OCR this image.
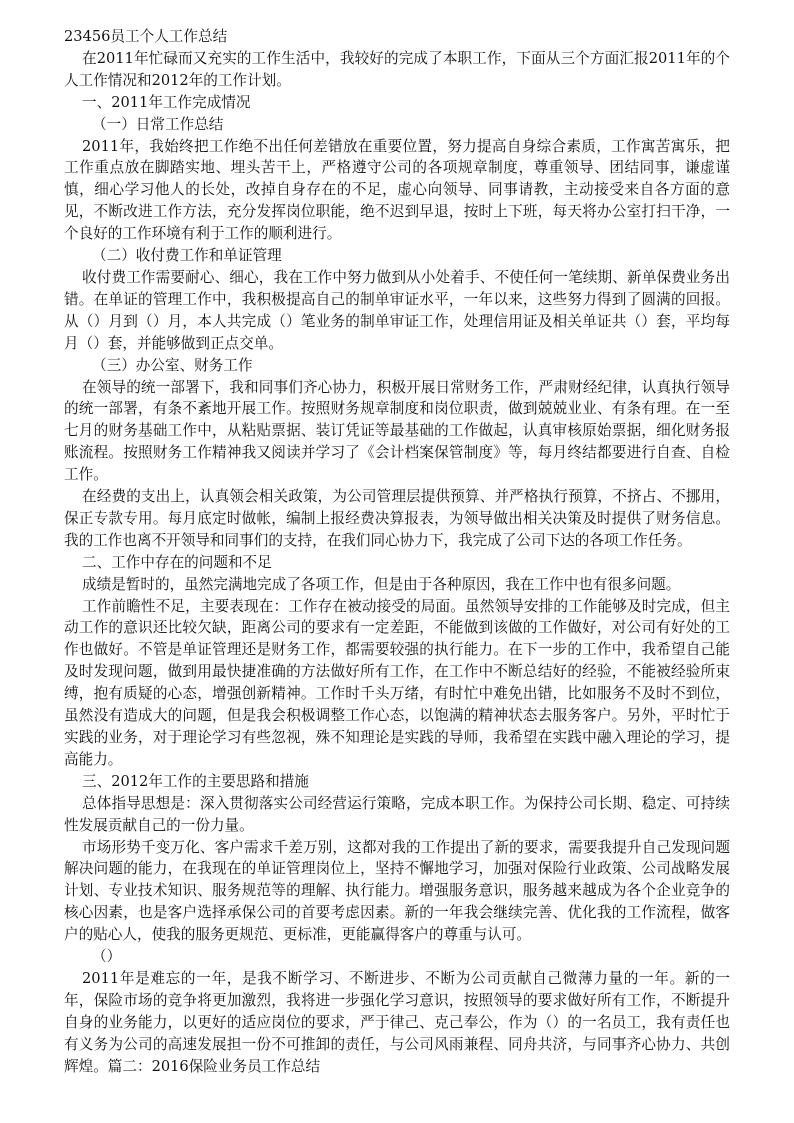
23456员工个人工作总结

在2011年忙碌而又充实的工作生活中，我较好的完成了本职工作，下面从三个方面汇报2011年的个人工作情况和2012年的工作计划。

一、2011年工作完成情况

（一）日常工作总结

2011年，我始终把工作绝不出任何差错放在重要位置，努力提高自身综合素质，工作寓苦寓乐，把工作重点放在脚踏实地、埋头苦干上，严格遵守公司的各项规章制度，尊重领导、团结同事，谦虚谨慎，细心学习他人的长处，改掉自身存在的不足，虚心向领导、同事请教，主动接受来自各方面的意见，不断改进工作方法，充分发挥岗位职能，绝不迟到早退，按时上下班，每天将办公室打扫干净，一个良好的工作环境有利于工作的顺利进行。

（二）收付费工作和单证管理

收付费工作需要耐心、细心，我在工作中努力做到从小处着手、不使任何一笔续期、新单保费业务出错。在单证的管理工作中，我积极提高自己的制单审证水平，一年以来，这些努力得到了圆满的回报。从（）月到（）月，本人共完成（）笔业务的制单审证工作，处理信用证及相关单证共（）套，平均每月（）套，并能够做到正点交单。

（三）办公室、财务工作

在领导的统一部署下，我和同事们齐心协力，积极开展日常财务工作，严肃财经纪律，认真执行领导的统一部署，有条不紊地开展工作。按照财务规章制度和岗位职责，做到兢兢业业、有条有理。在一至七月的财务基础工作中，从粘贴票据、装订凭证等最基础的工作做起，认真审核原始票据，细化财务报账流程。按照财务工作精神我又阅读并学习了《会计档案保管制度》等，每月终结都要进行自查、自检工作。

在经费的支出上，认真领会相关政策，为公司管理层提供预算、并严格执行预算，不挤占、不挪用，保正专款专用。每月底定时做帐，编制上报经费决算报表，为领导做出相关决策及时提供了财务信息。 我的工作也离不开领导和同事们的支持，在我们同心协力下，我完成了公司下达的各项工作任务。

二、工作中存在的问题和不足

成绩是暂时的，虽然完满地完成了各项工作，但是由于各种原因，我在工作中也有很多问题。

工作前瞻性不足，主要表现在：工作存在被动接受的局面。虽然领导安排的工作能够及时完成，但主动工作的意识还比较欠缺，距离公司的要求有一定差距，不能做到该做的工作做好，对公司有好处的工作也做好。不管是单证管理还是财务工作，都需要较强的执行能力。在下一步的工作中，我希望自己能及时发现问题，做到用最快捷准确的方法做好所有工作，在工作中不断总结好的经验，不能被经验所束缚，抱有质疑的心态，增强创新精神。工作时千头万绪，有时忙中难免出错，比如服务不及时不到位，虽然没有造成大的问题，但是我会积极调整工作心态，以饱满的精神状态去服务客户。另外，平时忙于实践的业务，对于理论学习有些忽视，殊不知理论是实践的导师，我希望在实践中融入理论的学习，提高能力。

三、2012年工作的主要思路和措施

总体指导思想是：深入贯彻落实公司经营运行策略，完成本职工作。为保持公司长期、稳定、可持续性发展贡献自己的一份力量。

市场形势千变万化、客户需求千差万别，这都对我的工作提出了新的要求，需要我提升自己发现问题解决问题的能力，在我现在的单证管理岗位上，坚持不懈地学习，加强对保险行业政策、公司战略发展计划、专业技术知识、服务规范等的理解、执行能力。增强服务意识，服务越来越成为各个企业竞争的核心因素，也是客户选择承保公司的首要考虑因素。新的一年我会继续完善、优化我的工作流程，做客户的贴心人，使我的服务更规范、更标准，更能赢得客户的尊重与认可。

（）

2011年是难忘的一年，是我不断学习、不断进步、不断为公司贡献自己微薄力量的一年。新的一年，保险市场的竞争将更加激烈，我将进一步强化学习意识，按照领导的要求做好所有工作，不断提升自身的业务能力，以更好的适应岗位的要求，严于律己、克己奉公，作为（）的一名员工，我有责任也有义务为公司的高速发展担一份不可推卸的责任，与公司风雨兼程、同舟共济，与同事齐心协力、共创辉煌。篇二：2016保险业务员工作总结
